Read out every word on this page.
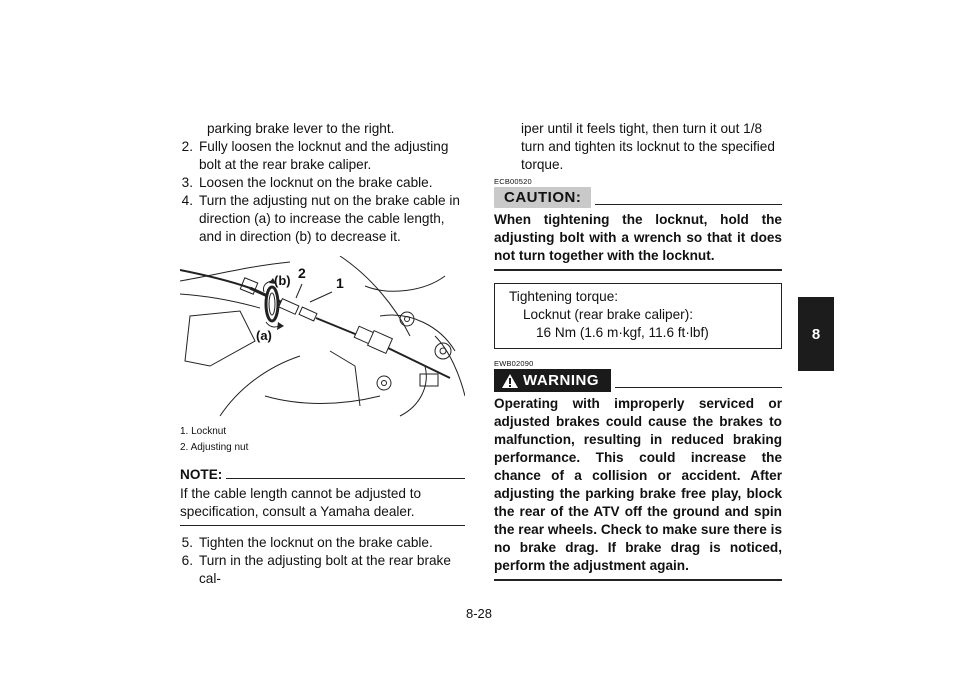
parking brake lever to the right.
2. Fully loosen the locknut and the adjusting bolt at the rear brake caliper.
3. Loosen the locknut on the brake cable.
4. Turn the adjusting nut on the brake cable in direction (a) to increase the cable length, and in direction (b) to decrease it.
(b)
(a)
2
1
1. Locknut
2. Adjusting nut
NOTE:
If the cable length cannot be adjusted to specification, consult a Yamaha dealer.
5. Tighten the locknut on the brake cable.
6. Turn in the adjusting bolt at the rear brake cal-
iper until it feels tight, then turn it out 1/8 turn and tighten its locknut to the specified torque.
ECB00520
CAUTION:
When tightening the locknut, hold the adjusting bolt with a wrench so that it does not turn together with the locknut.
Tightening torque:
Locknut (rear brake caliper):
16 Nm (1.6 m·kgf, 11.6 ft·lbf)
EWB02090
WARNING
Operating with improperly serviced or adjusted brakes could cause the brakes to malfunction, resulting in reduced braking performance. This could increase the chance of a collision or accident. After adjusting the parking brake free play, block the rear of the ATV off the ground and spin the rear wheels. Check to make sure there is no brake drag. If brake drag is noticed, perform the adjustment again.
8-28
8
